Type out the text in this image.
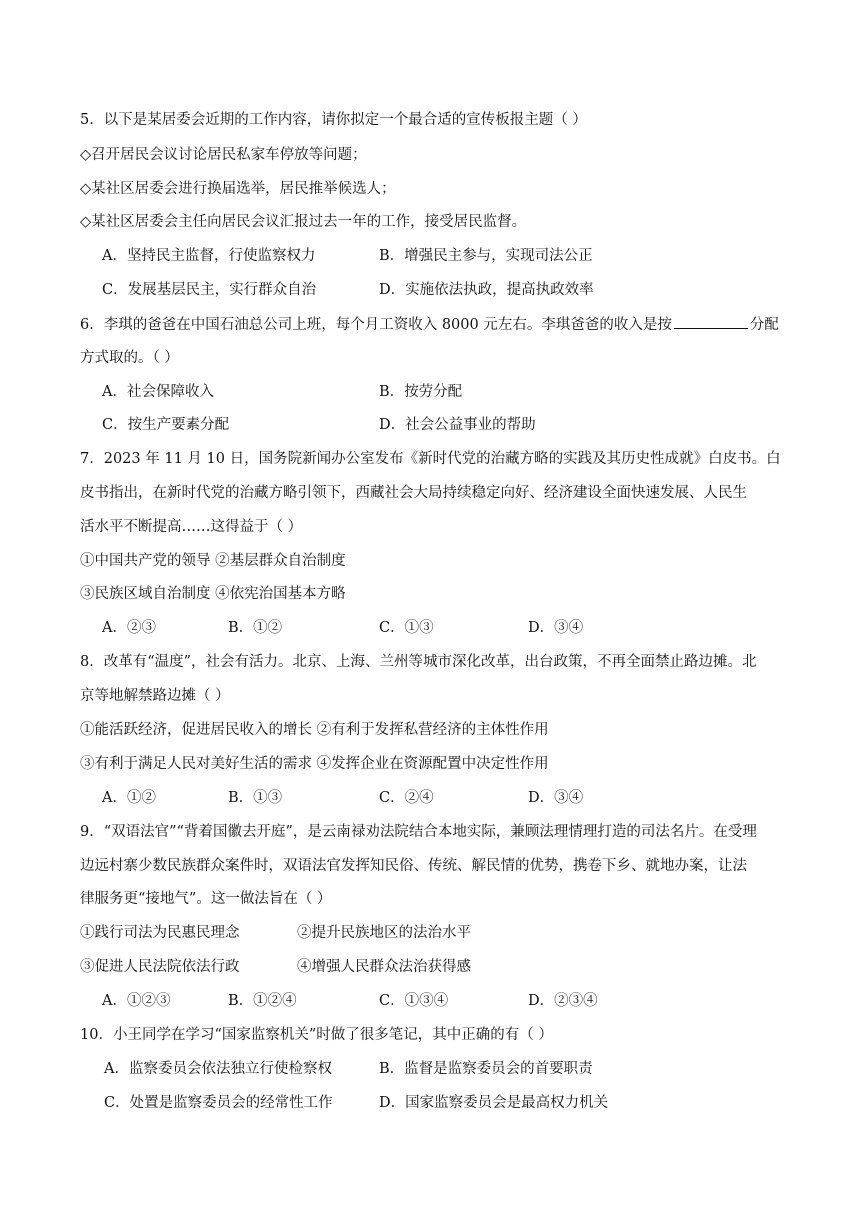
5．以下是某居委会近期的工作内容，请你拟定一个最合适的宣传板报主题（ ）
◇召开居民会议讨论居民私家车停放等问题；
◇某社区居委会进行换届选举，居民推举候选人；
◇某社区居委会主任向居民会议汇报过去一年的工作，接受居民监督。
A．坚持民主监督，行使监察权力	B．增强民主参与，实现司法公正
C．发展基层民主，实行群众自治	D．实施依法执政，提高执政效率
6．李琪的爸爸在中国石油总公司上班，每个月工资收入 8000 元左右。李琪爸爸的收入是按	分配
方式取的。（ ）
A．社会保障收入	B．按劳分配
C．按生产要素分配	D．社会公益事业的帮助
7．2023 年 11 月 10 日，国务院新闻办公室发布《新时代党的治藏方略的实践及其历史性成就》白皮书。白
皮书指出，在新时代党的治藏方略引领下，西藏社会大局持续稳定向好、经济建设全面快速发展、人民生
活水平不断提高……这得益于（ ）
①中国共产党的领导 ②基层群众自治制度
③民族区域自治制度 ④依宪治国基本方略
A．②③	B．①②	C．①③	D．③④
8．改革有“温度”，社会有活力。北京、上海、兰州等城市深化改革，出台政策，不再全面禁止路边摊。北
京等地解禁路边摊（ ）
①能活跃经济，促进居民收入的增长 ②有利于发挥私营经济的主体性作用
③有利于满足人民对美好生活的需求 ④发挥企业在资源配置中决定性作用
A．①②	B．①③	C．②④	D．③④
9．“双语法官”“背着国徽去开庭”，是云南禄劝法院结合本地实际，兼顾法理情理打造的司法名片。在受理
边远村寨少数民族群众案件时，双语法官发挥知民俗、传统、解民情的优势，携卷下乡、就地办案，让法
律服务更“接地气”。这一做法旨在（ ）
①践行司法为民惠民理念	②提升民族地区的法治水平
③促进人民法院依法行政	④增强人民群众法治获得感
A．①②③	B．①②④	C．①③④	D．②③④
10．小王同学在学习“国家监察机关”时做了很多笔记，其中正确的有（ ）
A．监察委员会依法独立行使检察权	B．监督是监察委员会的首要职责
C．处置是监察委员会的经常性工作	D．国家监察委员会是最高权力机关
